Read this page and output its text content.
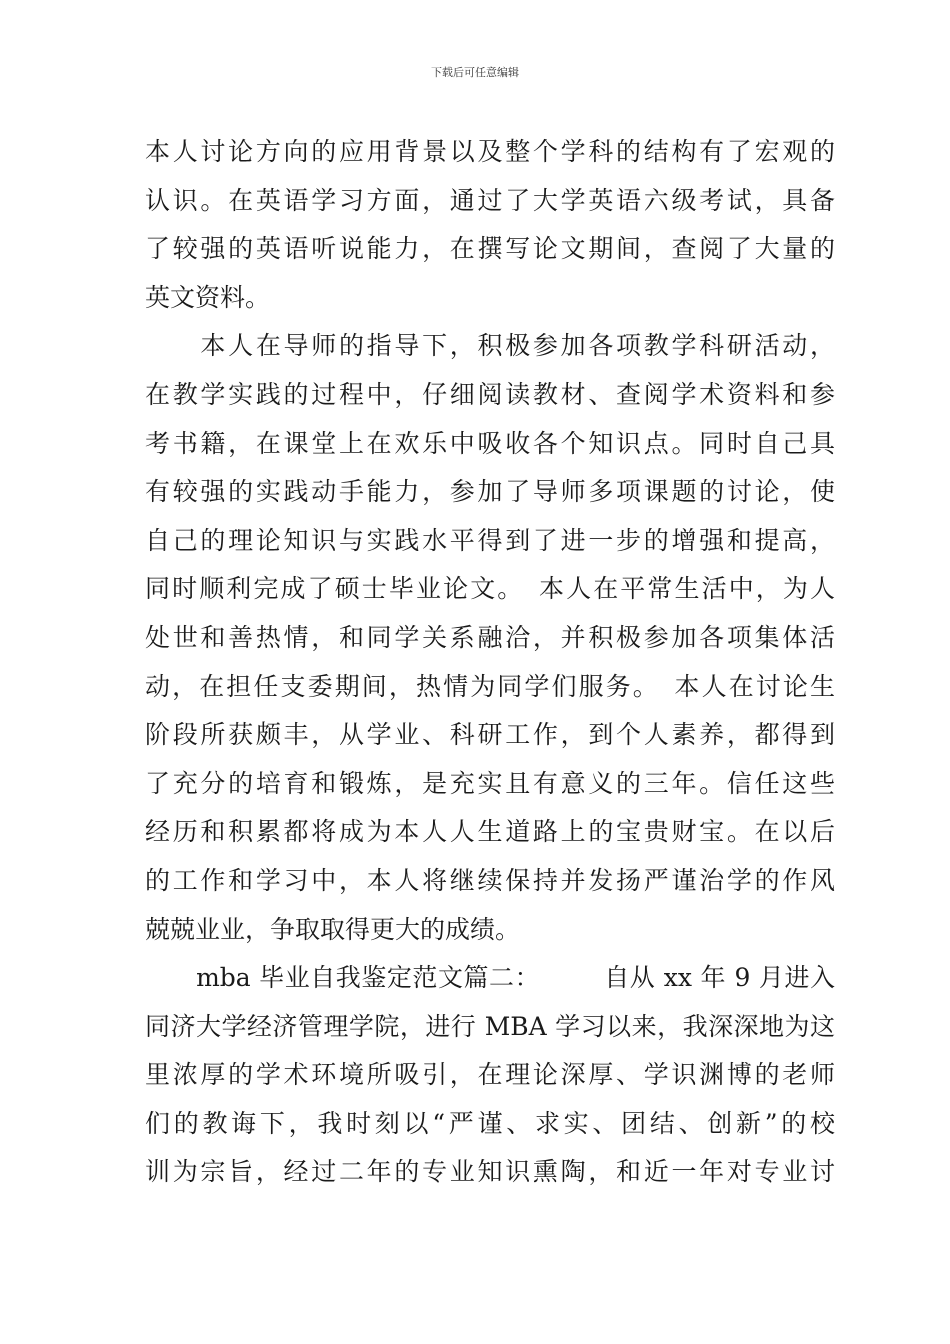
下载后可任意编辑
本人讨论方向的应用背景以及整个学科的结构有了宏观的
认识。在英语学习方面，通过了大学英语六级考试，具备
了较强的英语听说能力，在撰写论文期间，查阅了大量的
英文资料。
　　本人在导师的指导下，积极参加各项教学科研活动，
在教学实践的过程中，仔细阅读教材、查阅学术资料和参
考书籍，在课堂上在欢乐中吸收各个知识点。同时自己具
有较强的实践动手能力，参加了导师多项课题的讨论，使
自己的理论知识与实践水平得到了进一步的增强和提高，
同时顺利完成了硕士毕业论文。　本人在平常生活中，为人
处世和善热情，和同学关系融洽，并积极参加各项集体活
动，在担任支委期间，热情为同学们服务。　本人在讨论生
阶段所获颇丰，从学业、科研工作，到个人素养，都得到
了充分的培育和锻炼，是充实且有意义的三年。信任这些
经历和积累都将成为本人人生道路上的宝贵财宝。在以后
的工作和学习中，本人将继续保持并发扬严谨治学的作风
兢兢业业，争取取得更大的成绩。
　　mba 毕业自我鉴定范文篇二：　　　自从 xx 年 9 月进入
同济大学经济管理学院，进行 MBA 学习以来，我深深地为这
里浓厚的学术环境所吸引，在理论深厚、学识渊博的老师
们的教诲下，我时刻以“严谨、求实、团结、创新”的校
训为宗旨，经过二年的专业知识熏陶，和近一年对专业讨
